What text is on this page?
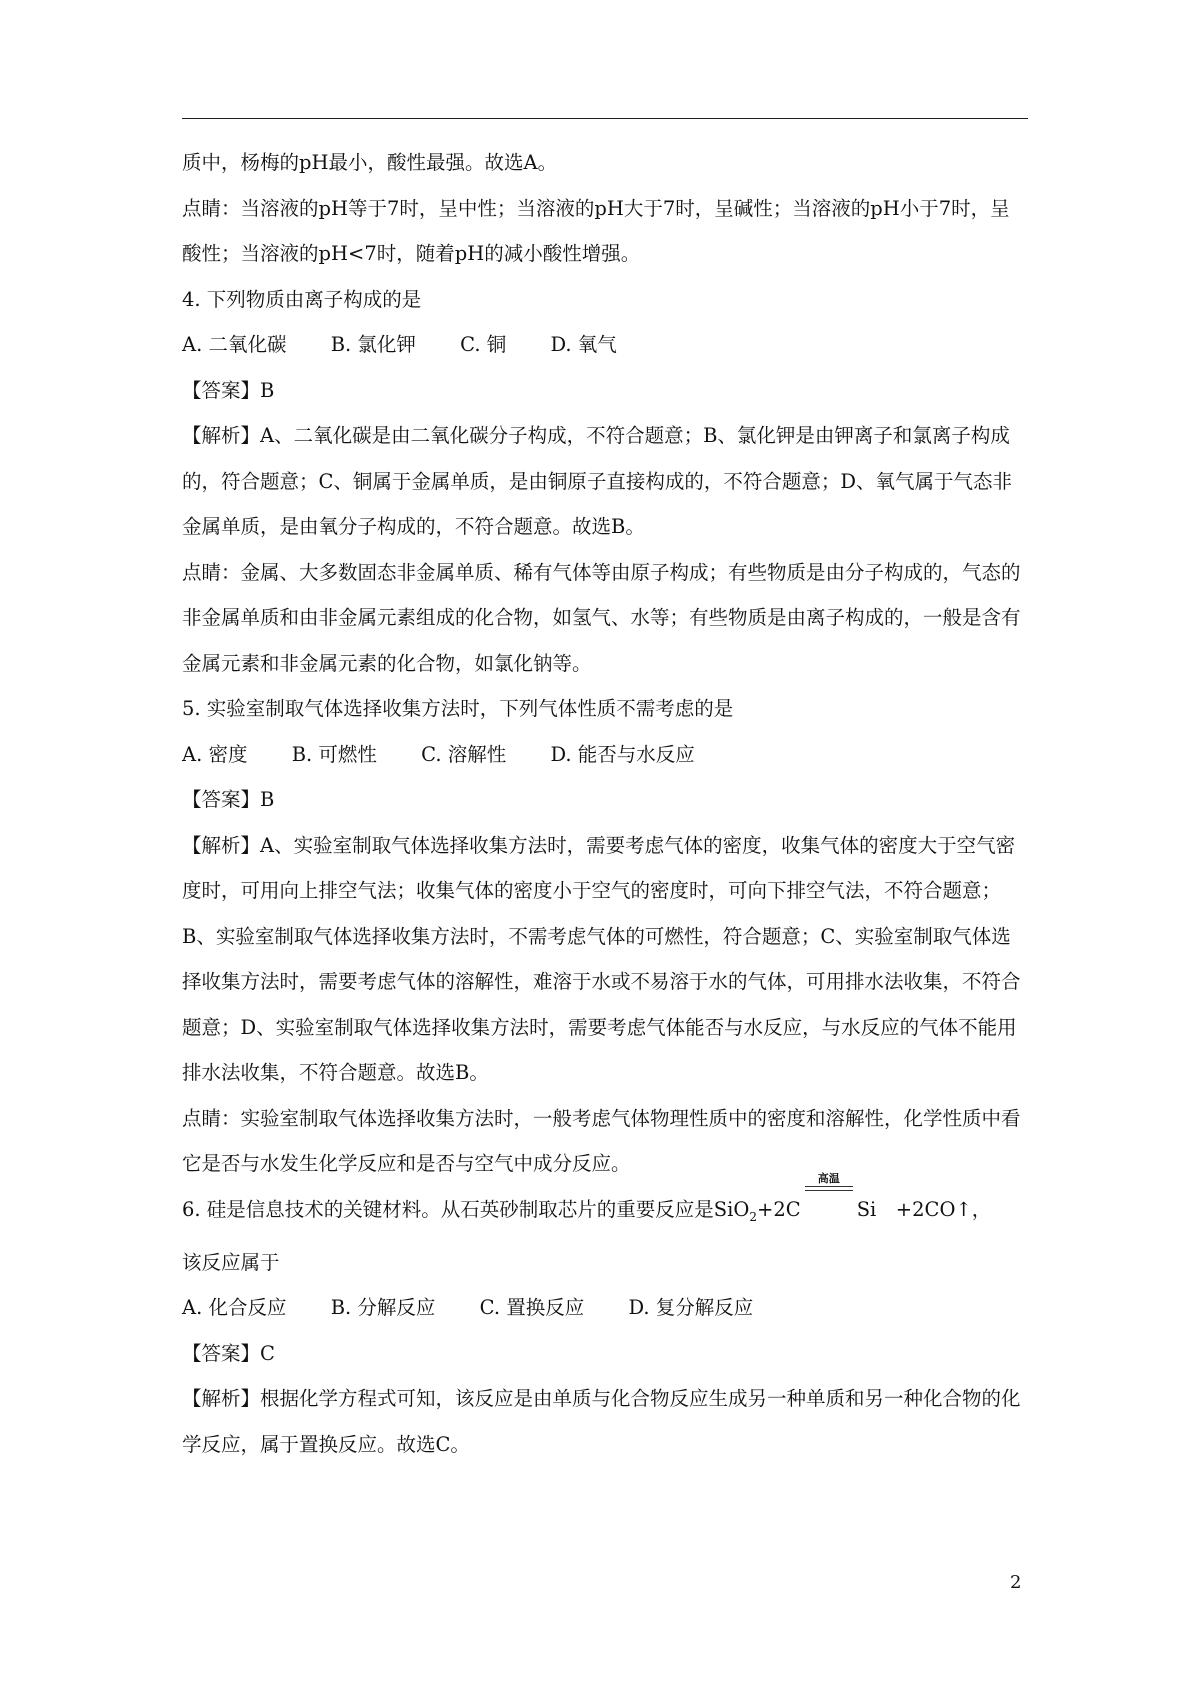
质中，杨梅的pH最小，酸性最强。故选A。

点睛：当溶液的pH等于7时，呈中性；当溶液的pH大于7时，呈碱性；当溶液的pH小于7时，呈酸性；当溶液的pH<7时，随着pH的减小酸性增强。

4. 下列物质由离子构成的是

A. 二氧化碳 B. 氯化钾 C. 铜 D. 氧气

【答案】B

【解析】A、二氧化碳是由二氧化碳分子构成，不符合题意；B、氯化钾是由钾离子和氯离子构成的，符合题意；C、铜属于金属单质，是由铜原子直接构成的，不符合题意；D、氧气属于气态非金属单质，是由氧分子构成的，不符合题意。故选B。

点睛：金属、大多数固态非金属单质、稀有气体等由原子构成；有些物质是由分子构成的，气态的非金属单质和由非金属元素组成的化合物，如氢气、水等；有些物质是由离子构成的，一般是含有金属元素和非金属元素的化合物，如氯化钠等。

5. 实验室制取气体选择收集方法时，下列气体性质不需考虑的是

A. 密度 B. 可燃性 C. 溶解性 D. 能否与水反应

【答案】B

【解析】A、实验室制取气体选择收集方法时，需要考虑气体的密度，收集气体的密度大于空气密度时，可用向上排空气法；收集气体的密度小于空气的密度时，可向下排空气法，不符合题意；B、实验室制取气体选择收集方法时，不需考虑气体的可燃性，符合题意；C、实验室制取气体选择收集方法时，需要考虑气体的溶解性，难溶于水或不易溶于水的气体，可用排水法收集，不符合题意；D、实验室制取气体选择收集方法时，需要考虑气体能否与水反应，与水反应的气体不能用排水法收集，不符合题意。故选B。

点睛：实验室制取气体选择收集方法时，一般考虑气体物理性质中的密度和溶解性，化学性质中看它是否与水发生化学反应和是否与空气中成分反应。

6. 硅是信息技术的关键材料。从石英砂制取芯片的重要反应是SiO$_2$+2C
高温
Si　+2CO↑，

该反应属于

A. 化合反应 B. 分解反应 C. 置换反应 D. 复分解反应

【答案】C

【解析】根据化学方程式可知，该反应是由单质与化合物反应生成另一种单质和另一种化合物的化学反应，属于置换反应。故选C。

2
